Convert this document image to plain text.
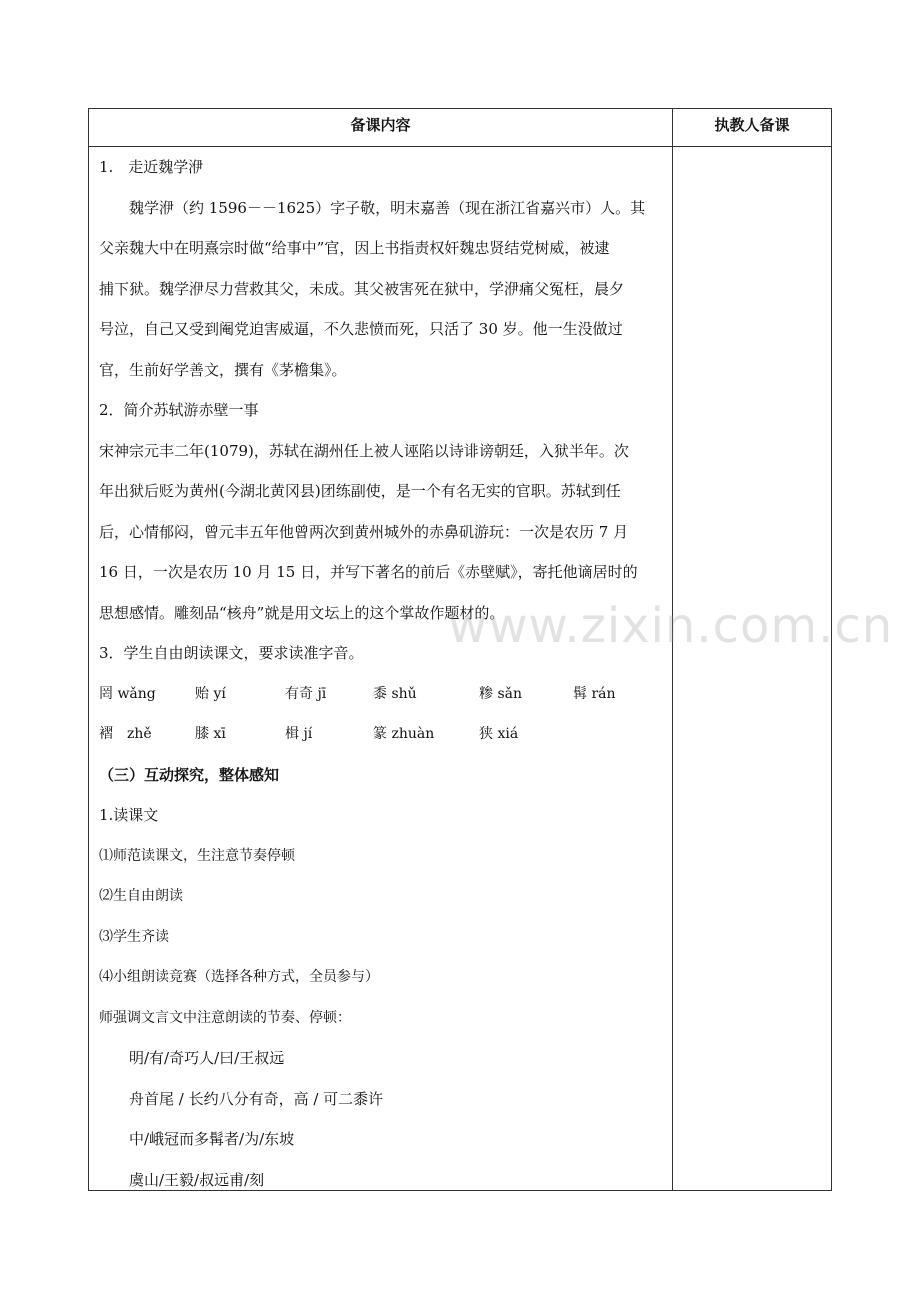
备课内容	执教人备课
1.　走近魏学洢
魏学洢（约 1596－－1625）字子敬，明末嘉善（现在浙江省嘉兴市）人。其
父亲魏大中在明熹宗时做“给事中”官，因上书指责权奸魏忠贤结党树威，被逮
捕下狱。魏学洢尽力营救其父，未成。其父被害死在狱中，学洢痛父冤枉，晨夕
号泣，自己又受到阉党迫害威逼，不久悲愤而死，只活了 30 岁。他一生没做过
官，生前好学善文，撰有《茅檐集》。
2．简介苏轼游赤壁一事
宋神宗元丰二年(1079)，苏轼在湖州任上被人诬陷以诗诽谤朝廷，入狱半年。次
年出狱后贬为黄州(今湖北黄冈县)团练副使，是一个有名无实的官职。苏轼到任
后，心情郁闷，曾元丰五年他曾两次到黄州城外的赤鼻矶游玩：一次是农历 7 月
16 日，一次是农历 10 月 15 日，并写下著名的前后《赤壁赋》，寄托他谪居时的
思想感情。雕刻品“核舟”就是用文坛上的这个掌故作题材的。
3．学生自由朗读课文，要求读准字音。
罔 wǎng	贻 yí	有奇 jī	黍 shǔ	糁 sǎn	髯 rán
褶　zhě	膝 xī	楫 jí	篆 zhuàn	狭 xiá
（三）互动探究，整体感知
1.读课文
⑴师范读课文，生注意节奏停顿
⑵生自由朗读
⑶学生齐读
⑷小组朗读竞赛（选择各种方式，全员参与）
师强调文言文中注意朗读的节奏、停顿：
明/有/奇巧人/曰/王叔远
舟首尾 / 长约八分有奇，高 / 可二黍许
中/峨冠而多髯者/为/东坡
虞山/王毅/叔远甫/刻
www.zixin.com.cn
